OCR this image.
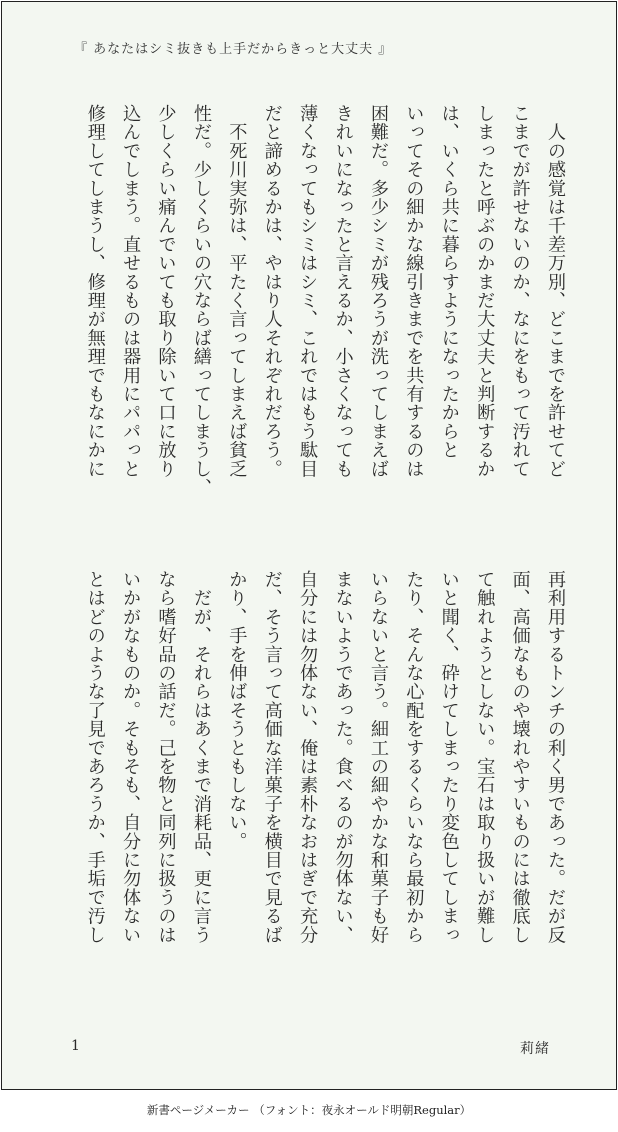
『 あなたはシミ抜きも上手だからきっと大丈夫 』
　人の感覚は千差万別、どこまでを許せてど
こまでが許せないのか、なにをもって汚れて
しまったと呼ぶのかまだ大丈夫と判断するか
は、いくら共に暮らすようになったからと
いってその細かな線引きまでを共有するのは
困難だ。多少シミが残ろうが洗ってしまえば
きれいになったと言えるか、小さくなっても
薄くなってもシミはシミ、これではもう駄目
だと諦めるかは、やはり人それぞれだろう。
　不死川実弥は、平たく言ってしまえば貧乏
性だ。少しくらいの穴ならば繕ってしまうし、
少しくらい痛んでいても取り除いて口に放り
込んでしまう。直せるものは器用にパパっと
修理してしまうし、修理が無理でもなにかに
再利用するトンチの利く男であった。だが反
面、高価なものや壊れやすいものには徹底し
て触れようとしない。宝石は取り扱いが難し
いと聞く、砕けてしまったり変色してしまっ
たり、そんな心配をするくらいなら最初から
いらないと言う。細工の細やかな和菓子も好
まないようであった。食べるのが勿体ない、
自分には勿体ない、俺は素朴なおはぎで充分
だ、そう言って高価な洋菓子を横目で見るば
かり、手を伸ばそうともしない。
　だが、それらはあくまで消耗品、更に言う
なら嗜好品の話だ。己を物と同列に扱うのは
いかがなものか。そもそも、自分に勿体ない
とはどのような了見であろうか、手垢で汚し
1	莉緒
新書ページメーカー （フォント：夜永オールド明朝Regular）
